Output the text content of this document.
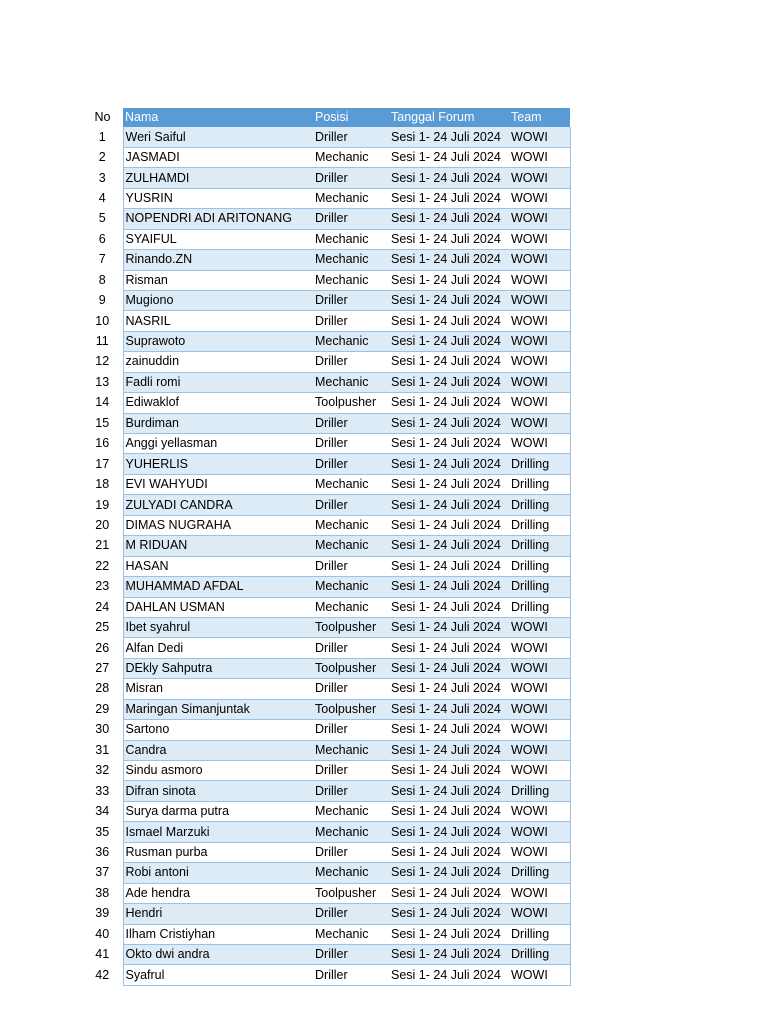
No	Nama	Posisi	Tanggal Forum	Team
1	Weri Saiful	Driller	Sesi 1- 24 Juli 2024	WOWI
2	JASMADI	Mechanic	Sesi 1- 24 Juli 2024	WOWI
3	ZULHAMDI	Driller	Sesi 1- 24 Juli 2024	WOWI
4	YUSRIN	Mechanic	Sesi 1- 24 Juli 2024	WOWI
5	NOPENDRI ADI ARITONANG	Driller	Sesi 1- 24 Juli 2024	WOWI
6	SYAIFUL	Mechanic	Sesi 1- 24 Juli 2024	WOWI
7	Rinando.ZN	Mechanic	Sesi 1- 24 Juli 2024	WOWI
8	Risman	Mechanic	Sesi 1- 24 Juli 2024	WOWI
9	Mugiono	Driller	Sesi 1- 24 Juli 2024	WOWI
10	NASRIL	Driller	Sesi 1- 24 Juli 2024	WOWI
11	Suprawoto	Mechanic	Sesi 1- 24 Juli 2024	WOWI
12	zainuddin	Driller	Sesi 1- 24 Juli 2024	WOWI
13	Fadli romi	Mechanic	Sesi 1- 24 Juli 2024	WOWI
14	Ediwaklof	Toolpusher	Sesi 1- 24 Juli 2024	WOWI
15	Burdiman	Driller	Sesi 1- 24 Juli 2024	WOWI
16	Anggi yellasman	Driller	Sesi 1- 24 Juli 2024	WOWI
17	YUHERLIS	Driller	Sesi 1- 24 Juli 2024	Drilling
18	EVI WAHYUDI	Mechanic	Sesi 1- 24 Juli 2024	Drilling
19	ZULYADI CANDRA	Driller	Sesi 1- 24 Juli 2024	Drilling
20	DIMAS NUGRAHA	Mechanic	Sesi 1- 24 Juli 2024	Drilling
21	M RIDUAN	Mechanic	Sesi 1- 24 Juli 2024	Drilling
22	HASAN	Driller	Sesi 1- 24 Juli 2024	Drilling
23	MUHAMMAD AFDAL	Mechanic	Sesi 1- 24 Juli 2024	Drilling
24	DAHLAN USMAN	Mechanic	Sesi 1- 24 Juli 2024	Drilling
25	Ibet syahrul	Toolpusher	Sesi 1- 24 Juli 2024	WOWI
26	Alfan Dedi	Driller	Sesi 1- 24 Juli 2024	WOWI
27	DEkly Sahputra	Toolpusher	Sesi 1- 24 Juli 2024	WOWI
28	Misran	Driller	Sesi 1- 24 Juli 2024	WOWI
29	Maringan Simanjuntak	Toolpusher	Sesi 1- 24 Juli 2024	WOWI
30	Sartono	Driller	Sesi 1- 24 Juli 2024	WOWI
31	Candra	Mechanic	Sesi 1- 24 Juli 2024	WOWI
32	Sindu asmoro	Driller	Sesi 1- 24 Juli 2024	WOWI
33	Difran sinota	Driller	Sesi 1- 24 Juli 2024	Drilling
34	Surya darma putra	Mechanic	Sesi 1- 24 Juli 2024	WOWI
35	Ismael Marzuki	Mechanic	Sesi 1- 24 Juli 2024	WOWI
36	Rusman purba	Driller	Sesi 1- 24 Juli 2024	WOWI
37	Robi antoni	Mechanic	Sesi 1- 24 Juli 2024	Drilling
38	Ade hendra	Toolpusher	Sesi 1- 24 Juli 2024	WOWI
39	Hendri	Driller	Sesi 1- 24 Juli 2024	WOWI
40	Ilham Cristiyhan	Mechanic	Sesi 1- 24 Juli 2024	Drilling
41	Okto dwi andra	Driller	Sesi 1- 24 Juli 2024	Drilling
42	Syafrul	Driller	Sesi 1- 24 Juli 2024	WOWI
